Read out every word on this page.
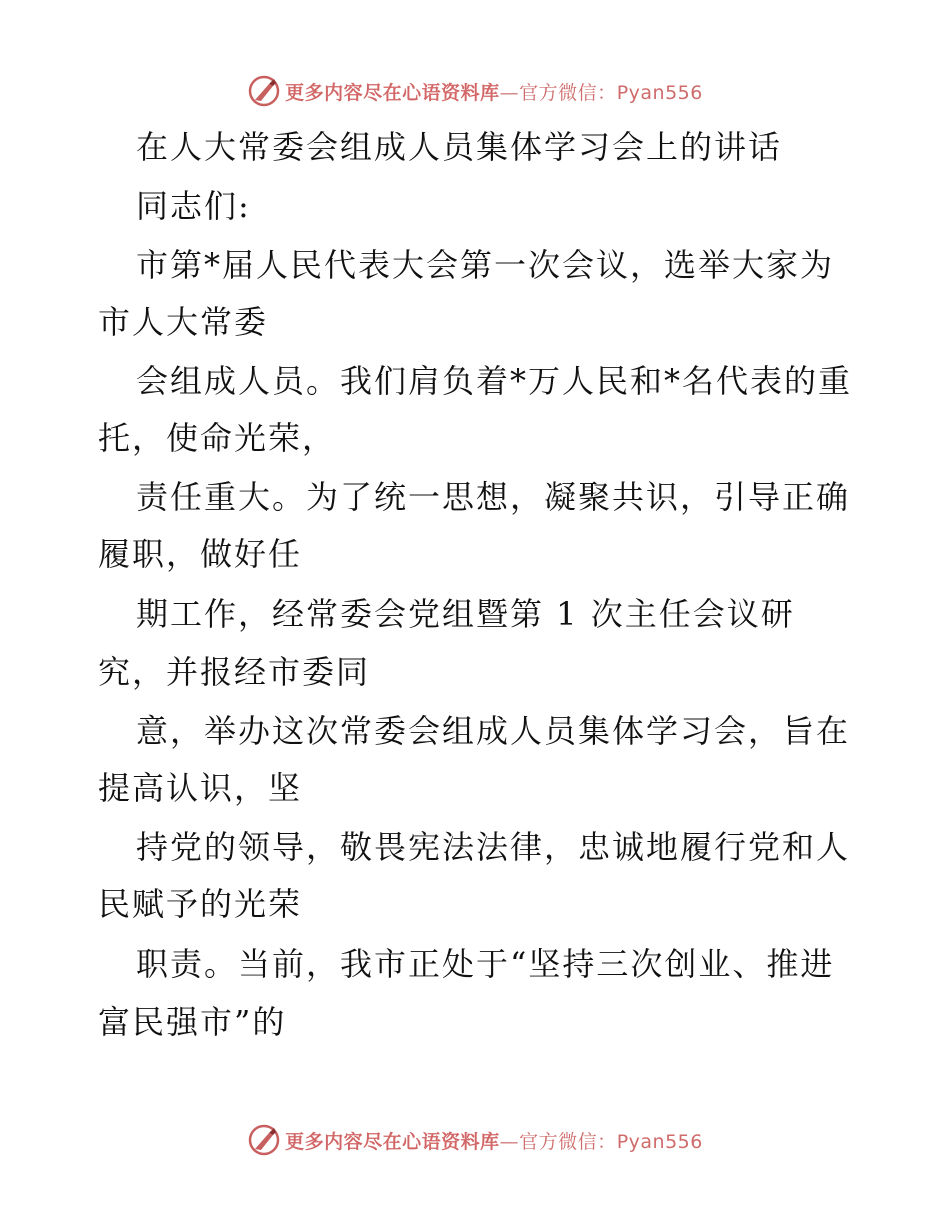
更多内容尽在心语资料库—官方微信：Pyan556
在人大常委会组成人员集体学习会上的讲话
同志们:
市第*届人民代表大会第一次会议，选举大家为
市人大常委
会组成人员。我们肩负着*万人民和*名代表的重
托，使命光荣，
责任重大。为了统一思想，凝聚共识，引导正确
履职，做好任
期工作，经常委会党组暨第 1 次主任会议研
究，并报经市委同
意，举办这次常委会组成人员集体学习会，旨在
提高认识，坚
持党的领导，敬畏宪法法律，忠诚地履行党和人
民赋予的光荣
职责。当前，我市正处于“坚持三次创业、推进
富民强市”的
更多内容尽在心语资料库—官方微信：Pyan556
